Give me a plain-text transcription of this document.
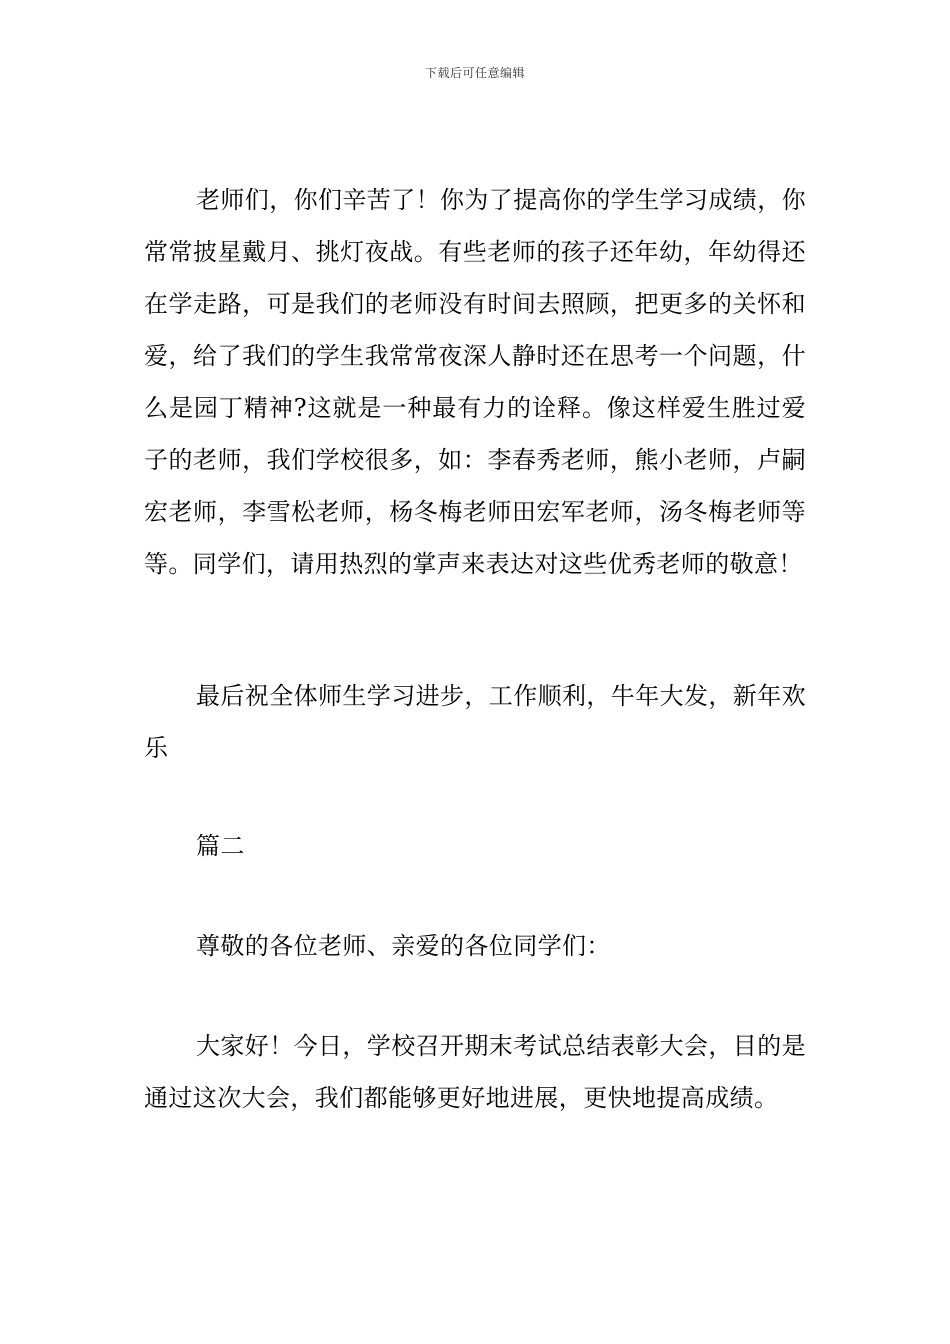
下载后可任意编辑

老师们，你们辛苦了！你为了提高你的学生学习成绩，你常常披星戴月、挑灯夜战。有些老师的孩子还年幼，年幼得还在学走路，可是我们的老师没有时间去照顾，把更多的关怀和爱，给了我们的学生我常常夜深人静时还在思考一个问题，什么是园丁精神?这就是一种最有力的诠释。像这样爱生胜过爱子的老师，我们学校很多，如：李春秀老师，熊小老师，卢嗣宏老师，李雪松老师，杨冬梅老师田宏军老师，汤冬梅老师等等。同学们，请用热烈的掌声来表达对这些优秀老师的敬意！

最后祝全体师生学习进步，工作顺利，牛年大发，新年欢乐

篇二

尊敬的各位老师、亲爱的各位同学们：

大家好！今日，学校召开期末考试总结表彰大会，目的是通过这次大会，我们都能够更好地进展，更快地提高成绩。
